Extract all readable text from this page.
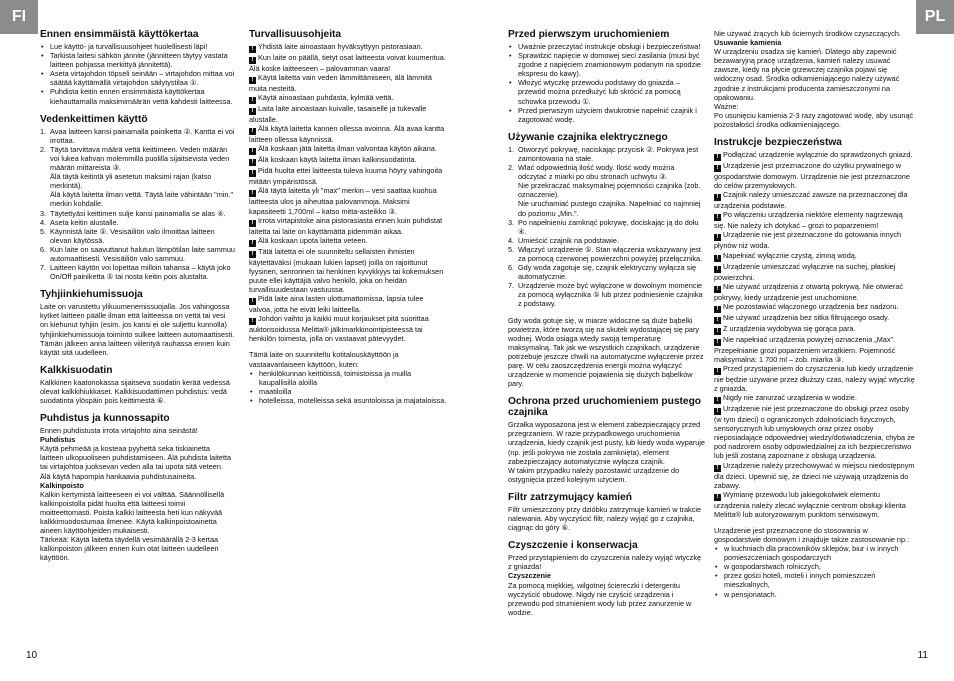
FI	PL
Ennen ensimmäistä käyttökertaa
• Lue käyttö- ja turvallisuusohjeet huolellisesti läpi!
• Tarkista laitesi sähkön jännite (jännitteen täytyy vastata laitteen pohjassa merkittyä jännitettä).
• Aseta virtajohdon töpseli seinään – virtajohdon mittaa voi säätää käyttämällä virtajohdon säilytystilaa ①.
• Puhdista keitin ennen ensimmäistä käyttökertaa kiehauttamalla maksimimäärän vettä kahdesti laitteessa.
Vedenkeittimen käyttö
1. Avaa laitteen kansi painamalla painiketta ②. Kantta ei voi irrottaa.
2. Täytä tarvittava määrä vettä keittimeen. Veden määrän voi lukea kahvan molemmilla puolilla sijaitsevista veden määrän mittareista ③.
Älä täytä keitintä yli asetetun maksimi rajan (katso merkintä).
Älä käytä laitetta ilman vettä. Täytä laite vähintään "min." merkin kohdalle.
3. Täytettyäsi keittimen sulje kansi painamalla se alas ④.
4. Aseta keitin alustalle.
5. Käynnistä laite ⑤. Vesisäiliön valo ilmoittaa laitteen olevan käytössä.
6. Kun laite on saavuttanut halutun lämpötilan laite sammuu automaattisesti. Vesisäiliön valo sammuu.
7. Laitteen käytön voi lopettaa milloin tahansa – käytä joko On/Off painiketta ⑤ tai nosta keitin pois alustalta.
Tyhjiinkiehumissuoja

Laite on varustettu ylikuumenemissuojalla. Jos vahingossa kytket laitteen päälle ilman että laitteessa on vettä tai vesi on kiehunut tyhjiin (esim. jos kansi ei ole suljettu kunnolla) tyhjiinkiehumissuoja toiminto sulkee laitteen automaattisesti.

Tämän jälkeen anna laitteen viilentyä rauhassa ennen kuin käytät sitä uudelleen.

Kalkkisuodatin

Kalkkinen kaatonokassa sijaitseva suodatin kerää vedessä olevat kalkkihiukkaset. Kalkkisuodattimen puhdistus: vedä suodatinta ylöspäin pois keittimestä ⑥.

Puhdistus ja kunnossapito

Ennen puhdistusta irrota virtajohto aina seinästä!

Puhdistus

Käytä pehmeää ja kosteaa pyyhettä seka tiskiainetta laitteen ulkopuoliseen puhdistamiseen. Älä puhdista laitetta tai virtajohtoa juoksevan veden alla tai upota sitä veteen. Älä käytä hapompia hankaavia puhdistusaineita.

Kalkinpoisto

Kalkin kertymistä laitteeseen ei voi välttää. Säännöllisellä kalkinpoistolla pidät huolta että laitteesi toimii moitteettomasti. Poista kalkki laitteesta heti kun näkyvää kalkkimuodostumaa ilmenee. Käytä kalkinpoistoainetta aineen käyttöohjeiden mukaisesti.

Tärkeää: Käytä laitetta täydellä vesimäärällä 2-3 kertaa kalkinpoiston jälkeen ennen kuin otat laitteen uudelleen käyttöön.

Turvallisuusohjeita
! Yhdistä laite ainoastaan hyväksyttyyn pistorasiaan.
! Kun laite on päällä, tietyt osat laitteesta voivat kuumentua. Älä koske laitteeseen – palovamman vaara!
! Käytä laitetta vain veden lämmittämiseen, älä lämmitä muita nesteitä.
! Käytä ainoastaan puhdasta, kylmää vettä.
! Laita laite ainoastaan kuivalle, tasaiselle ja tukevalle alustalle.
! Älä käytä laitetta kannen ollessa avoinna. Älä avaa kantta laitteen ollessa käynnissä.
! Älä koskaan jätä laitetta ilman valvontaa käytön aikana.
! Älä koskaan käytä laitetta ilman kalkinsuodatinta.
! Pidä huolta ettei laitteesta tuleva kuuma höyry vahingoita mitään ympäristössä.
! Älä täytä laitetta yli "max" merkin – vesi saattaa kuohua laitteesta ulos ja aiheuttaa palovammoja. Maksimi kapasiteetti 1,700ml – katso mitta-asteikko ③.
! Irrota virtapistoke aina pistorasiasta ennen kuin puhdistat laitetta tai laite on käyttämättä pidemmän aikaa.
! Älä koskaan upota laitetta veteen.
! Tätä laitetta ei ole suunniteltu sellaisten ihmisten käytettäväksi (mukaan lukien lapset) joilla on rajoittunut fyysinen, senrorinen tai henkinen kyvykkyys tai kokemuksen puute ellei käyttäjiä valvo henkilö, joka on heidän turvallisuudestaan vastuussa.
! Pidä laite aina lasten ulottumattomissa, lapsia tulee valvoa, jotta he eivät leiki laitteella.
! Johdon vaihto ja kaikki muut korjaukset pitä suorittaa auktorisoidussa Melitta® jälkimarkkinointipisteessä tai henkilön toimesta, jolla on vastaavat pätevyydet.

Tämä laite on suunniteltu kotitalouskäyttöön ja vastaavanlaiseen käyttöön, kuten:

• henkilökunnan keittiöissä, toimistoissa ja muilla kaupallisilla aloilla
• maatiloilla
• hotelleissa, motelleissa sekä asuntoloissa ja majataloissa.
Przed pierwszym uruchomieniem
• Uważnie przeczytać instrukcje obsługi i bezpieczeństwa!
• Sprawdzić napięcie w domowej sieci zasilania (musi być zgodne z napięciem znamionowym podanym na spodzie ekspresu do kawy).
• Włożyć wtyczkę przewodu podstawy do gniazda – przewód można przedłużyć lub skrócić za pomocą schowka przewodu ①.
• Przed pierwszym użyciem dwukrotnie napełnić czajnik i zagotować wodę.
Używanie czajnika elektrycznego
1. Otworzyć pokrywę, naciskając przycisk ②. Pokrywa jest zamontowana na stałe.
2. Wlać odpowiednią ilość wody. Ilość wody można odczytać z miarki po obu stronach uchwytu ③.
Nie przekraczać maksymalnej pojemności czajnika (zob. oznaczenie).
Nie uruchamiać pustego czajnika. Napełniać co najmniej do poziomu „Min.".
3. Po napełnieniu zamknąć pokrywę, dociskając ją do dołu ④.
4. Umieścić czajnik na podstawie.
5. Włączyć urządzenie ⑤. Stan włączenia wskazywany jest za pomocą czerwonej powierzchni powyżej przełącznika.
6. Gdy woda zagotuje się, czajnik elektryczny wyłącza się automatycznie.
7. Urządzenie może być wyłączone w dowolnym momencie za pomocą wyłącznika ⑤ lub przez podniesienie czajnika z podstawy.

Gdy woda gotuje się, w miarze widoczne są duże bąbelki powietrza, które tworzą się na skutek wydostającej się pary wodnej. Woda osiąga wtedy swoją temperaturę maksymalną. Tak jak we wszystkich czajnikach, urządzenie potrzebuje jeszcze chwili na automatyczne wyłączenie przez parę. W celu zaoszczędzenia energii można wyłączyć urządzenie w momencie pojawienia się dużych bąbelków pary.

Ochrona przed uruchomieniem pustego czajnika

Grzałka wyposażona jest w element zabezpieczający przed przegrzaniem. W razie przypadkowego uruchomienia urządzenia, kiedy czajnik jest pusty, lub kiedy woda wyparuje (np. jeśli pokrywa nie została zamknięta), element zabezpieczający automatycznie wyłącza czajnik.

W takim przypadku należy pozostawić urządzenie do ostygnięcia przed kolejnym użyciem.

Filtr zatrzymujący kamień

Filtr umieszczony przy dzióbku zatrzymuje kamień w trakcie nalewania. Aby wyczyścić filtr, należy wyjąć go z czajnika, ciągnąc do góry ⑥.

Czyszczenie i konserwacja

Przed przystąpieniem do czyszczenia należy wyjąć wtyczkę z gniazda!

Czyszczenie

Za pomocą miękkiej, wilgotnej ściereczki i detergentu wyczyścić obudowę. Nigdy nie czyścić urządzenia i przewodu pod strumieniem wody lub przez zanurzenie w wodzie.

Nie używać żrących lub ściernych środków czyszczących.

Usuwanie kamienia

W urządzeniu osadza się kamień. Dlatego aby zapewnić bezawaryjną pracę urządzenia, kamień należy usuwać zawsze, kiedy na płycie grzewczej czajnika pojawi się widoczny osad. Środka odkamieniającego należy używać zgodnie z instrukcjami producenta zamieszczonymi na opakowaniu.

Ważne:

Po usunięciu kamienia 2-3 razy zagotować wodę, aby usunąć pozostałości środka odkamieniającego.

Instrukcje bezpieczeństwa
! Podłączać urządzenie wyłącznie do sprawdzonych gniazd.
! Urządzenie jest przeznaczone do użytku prywatnego w gospodarstwie domowym. Urządzenie nie jest przeznaczone do celów przemysłowych.
! Czajnik należy umieszczać zawsze na przeznaczonej dla urządzenia podstawie.
! Po włączeniu urządzenia niektóre elementy nagrzewają się. Nie należy ich dotykać – grozi to poparzeniem!
! Urządzenie nie jest przeznaczone do gotowania innych płynów niż woda.
! Napełniać wyłącznie czystą, zimną wodą.
! Urządzenie umieszczać wyłącznie na suchej, płaskiej powierzchni.
! Nie używać urządzenia z otwartą pokrywą. Nie otwierać pokrywy, kiedy urządzenie jest uruchomione.
! Nie pozostawiać włączonego urządzenia bez nadzoru.
! Nie używać urządzenia bez sitka filtrującego osady.
! Z urządzenia wydobywa się gorąca para.
! Nie napełniać urządzenia powyżej oznaczenia „Max". Przepełnianie grozi poparzeniem wrzątkiem. Pojemność maksymalna: 1 700 ml – zob. miarka ③.
! Przed przystąpieniem do czyszczenia lub kiedy urządzenie nie będzie używane przez dłuższy czas, należy wyjąć wtyczkę z gniazda.
! Nigdy nie zanurzać urządzenia w wodzie.
! Urządzenie nie jest przeznaczone do obsługi przez osoby (w tym dzieci) o ograniczonych zdolnościach fizycznych, sensorycznych lub umysłowych oraz przez osoby nieposiadające odpowiedniej wiedzy/doświadczenia, chyba że pod nadzorem osoby odpowiedzialnej za ich bezpieczeństwo lub jeśli zostaną zapoznane z obsługą urządzenia.
! Urządzenie należy przechowywać w miejscu niedostępnym dla dzieci. Upewnić się, że dzieci nie używają urządzenia do zabawy.
! Wymianę przewodu lub jakiegokolwiek elementu urządzenia należy zlecać wyłącznie centrom obsługi klienta Melitta® lub autoryzowanym punktom serwisowym.

Urządzenie jest przeznaczone do stosowania w gospodarstwie domowym i znajduje także zastosowanie np.:

• w kuchniach dla pracowników sklepów, biur i w innych pomieszczeniach gospodarczych
• w gospodarstwach rolniczych,
• przez gości hoteli, moteli i innych pomieszczeń mieszkalnych,
• w pensjonatach.
10	11
